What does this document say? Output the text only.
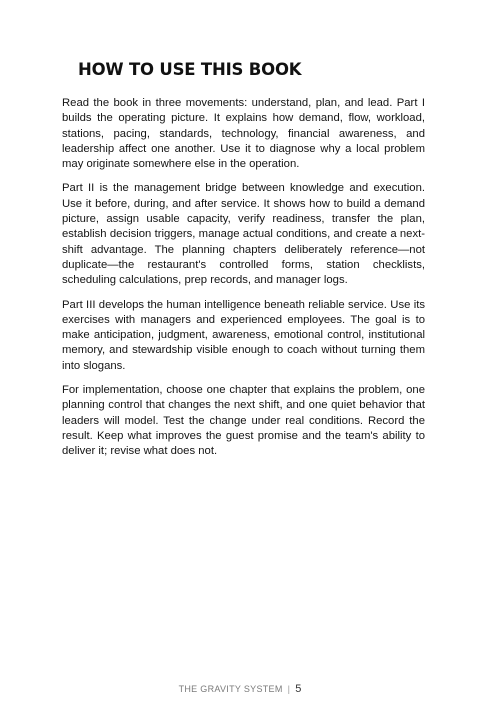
HOW TO USE THIS BOOK

Read the book in three movements: understand, plan, and lead. Part I builds the operating picture. It explains how demand, flow, workload, stations, pacing, standards, technology, financial awareness, and leadership affect one another. Use it to diagnose why a local problem may originate somewhere else in the operation.

Part II is the management bridge between knowledge and execution. Use it before, during, and after service. It shows how to build a demand picture, assign usable capacity, verify readiness, transfer the plan, establish decision triggers, manage actual conditions, and create a next-shift advantage. The planning chapters deliberately reference—not duplicate—the restaurant's controlled forms, station checklists, scheduling calculations, prep records, and manager logs.

Part III develops the human intelligence beneath reliable service. Use its exercises with managers and experienced employees. The goal is to make anticipation, judgment, awareness, emotional control, institutional memory, and stewardship visible enough to coach without turning them into slogans.

For implementation, choose one chapter that explains the problem, one planning control that changes the next shift, and one quiet behavior that leaders will model. Test the change under real conditions. Record the result. Keep what improves the guest promise and the team's ability to deliver it; revise what does not.

THE GRAVITY SYSTEM | 5
